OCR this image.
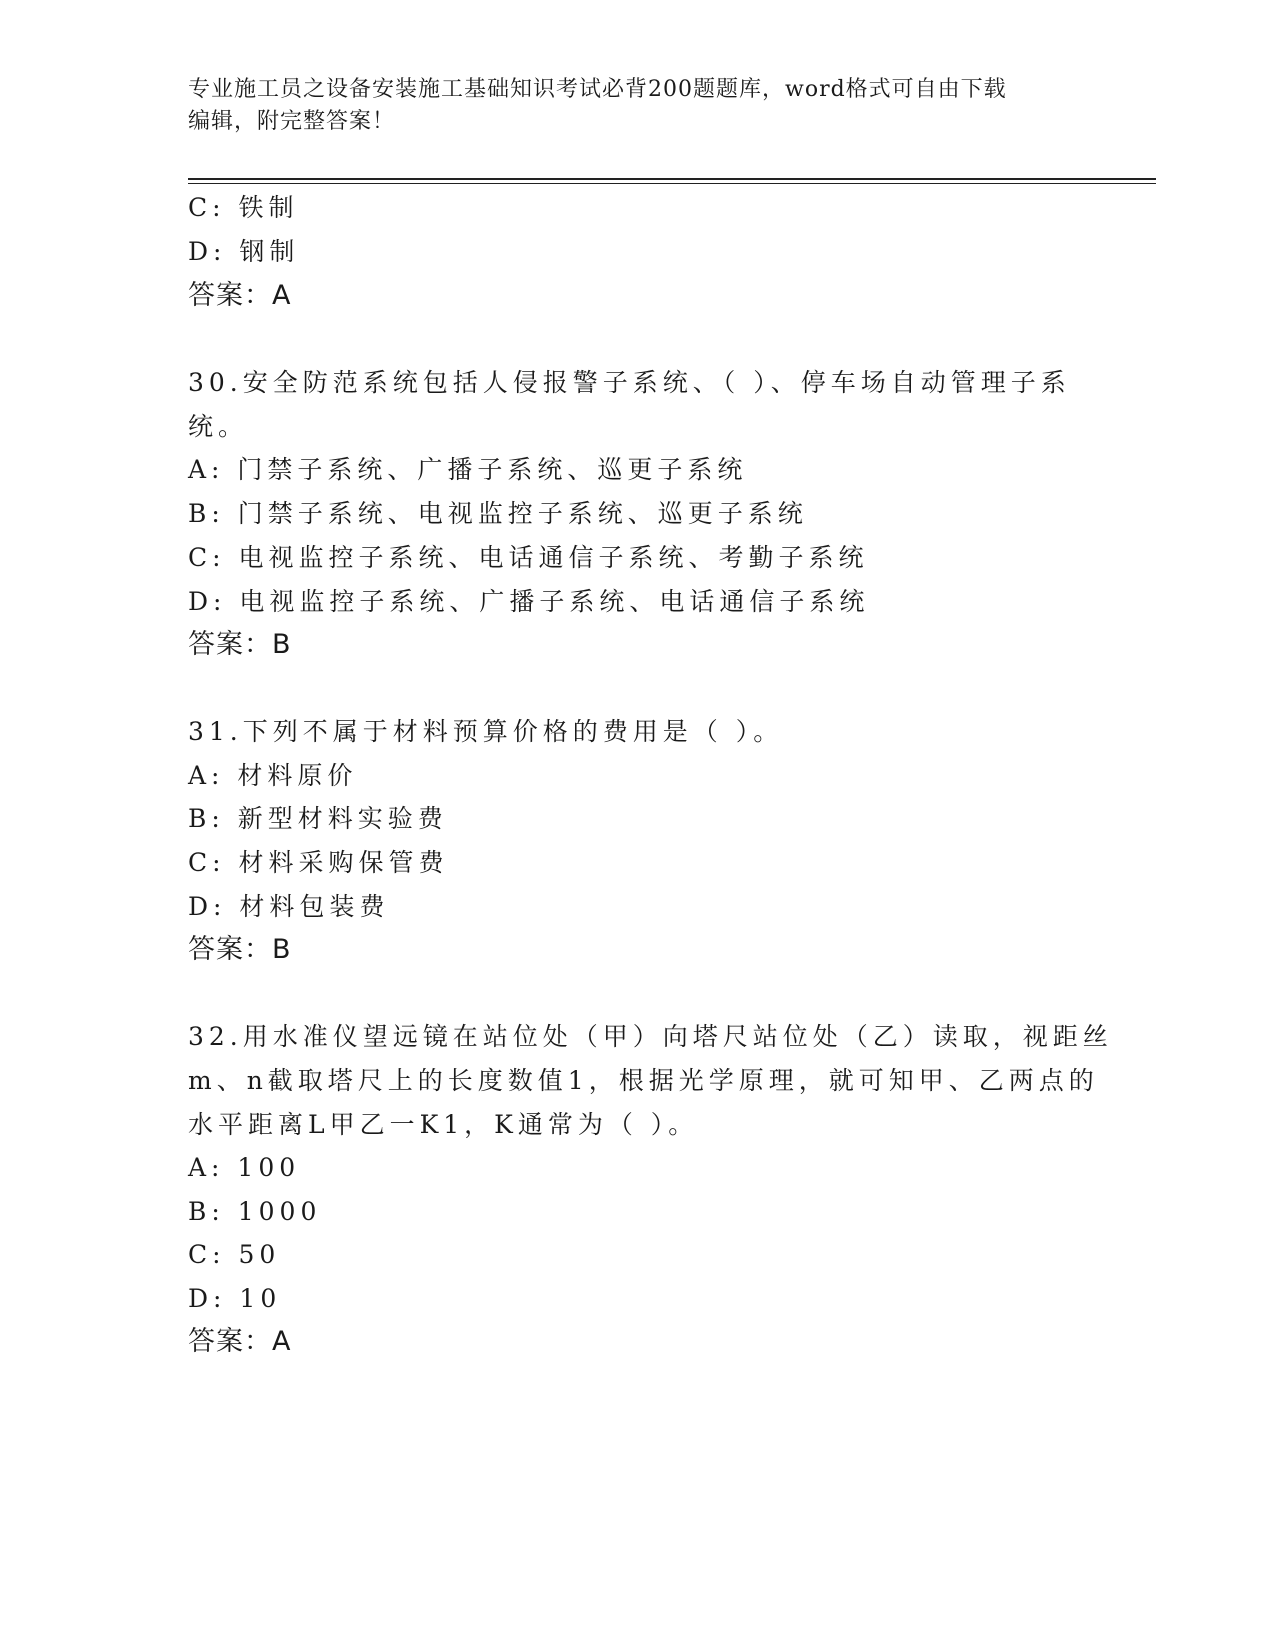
专业施工员之设备安装施工基础知识考试必背200题题库，word格式可自由下载
编辑，附完整答案！
C: 铁制
D: 钢制
答案：A
30.安全防范系统包括人侵报警子系统、（ ）、停车场自动管理子系
统。
A: 门禁子系统、广播子系统、巡更子系统
B: 门禁子系统、电视监控子系统、巡更子系统
C: 电视监控子系统、电话通信子系统、考勤子系统
D: 电视监控子系统、广播子系统、电话通信子系统
答案：B
31.下列不属于材料预算价格的费用是（ ）。
A: 材料原价
B: 新型材料实验费
C: 材料采购保管费
D: 材料包装费
答案：B
32.用水准仪望远镜在站位处（甲）向塔尺站位处（乙）读取，视距丝
m、n截取塔尺上的长度数值1，根据光学原理，就可知甲、乙两点的
水平距离L甲乙一K1，K通常为（ ）。
A: 100
B: 1000
C: 50
D: 10
答案：A
